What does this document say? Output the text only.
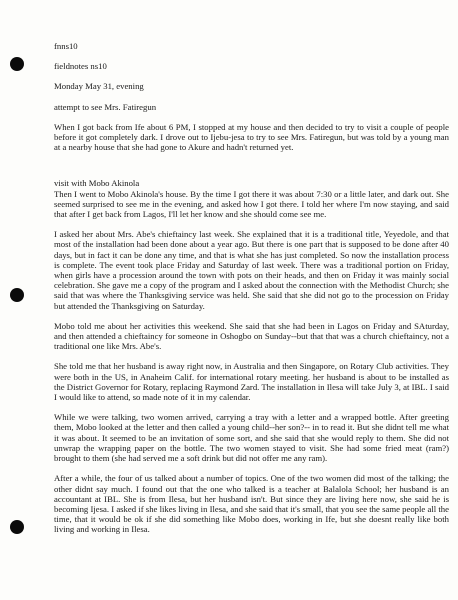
fnns10
fieldnotes ns10
Monday May 31, evening
attempt to see Mrs. Fatiregun

When I got back from Ife about 6 PM, I stopped at my house and then decided to try to visit a couple of people before it got completely dark. I drove out to Ijebu-jesa to try to see Mrs. Fatiregun, but was told by a young man at a nearby house that she had gone to Akure and hadn't returned yet.

visit with Mobo Akinola

Then I went to Mobo Akinola's house. By the time I got there it was about 7:30 or a little later, and dark out. She seemed surprised to see me in the evening, and asked how I got there. I told her where I'm now staying, and said that after I get back from Lagos, I'll let her know and she should come see me.

I asked her about Mrs. Abe's chieftaincy last week. She explained that it is a traditional title, Yeyedole, and that most of the installation had been done about a year ago. But there is one part that is supposed to be done after 40 days, but in fact it can be done any time, and that is what she has just completed. So now the installation process is complete. The event took place Friday and Saturday of last week. There was a traditional portion on Friday, when girls have a procession around the town with pots on their heads, and then on Friday it was mainly social celebration. She gave me a copy of the program and I asked about the connection with the Methodist Church; she said that was where the Thanksgiving service was held. She said that she did not go to the procession on Friday but attended the Thanksgiving on Saturday.

Mobo told me about her activities this weekend. She said that she had been in Lagos on Friday and SAturday, and then attended a chieftaincy for someone in Oshogbo on Sunday--but that that was a church chieftaincy, not a traditional one like Mrs. Abe's.

She told me that her husband is away right now, in Australia and then Singapore, on Rotary Club activities. They were both in the US, in Anaheim Calif. for international rotary meeting. her husband is about to be installed as the District Governor for Rotary, replacing Raymond Zard. The installation in Ilesa will take July 3, at IBL. I said I would like to attend, so made note of it in my calendar.

While we were talking, two women arrived, carrying a tray with a letter and a wrapped bottle. After greeting them, Mobo looked at the letter and then called a young child--her son?-- in to read it. But she didnt tell me what it was about. It seemed to be an invitation of some sort, and she said that she would reply to them. She did not unwrap the wrapping paper on the bottle. The two women stayed to visit. She had some fried meat (ram?) brought to them (she had served me a soft drink but did not offer me any ram).

After a while, the four of us talked about a number of topics. One of the two women did most of the talking; the other didnt say much. I found out that the one who talked is a teacher at Balalola School; her husband is an accountant at IBL. She is from Ilesa, but her husband isn't. But since they are living here now, she said he is becoming Ijesa. I asked if she likes living in Ilesa, and she said that it's small, that you see the same people all the time, that it would be ok if she did something like Mobo does, working in Ife, but she doesnt really like both living and working in Ilesa.
